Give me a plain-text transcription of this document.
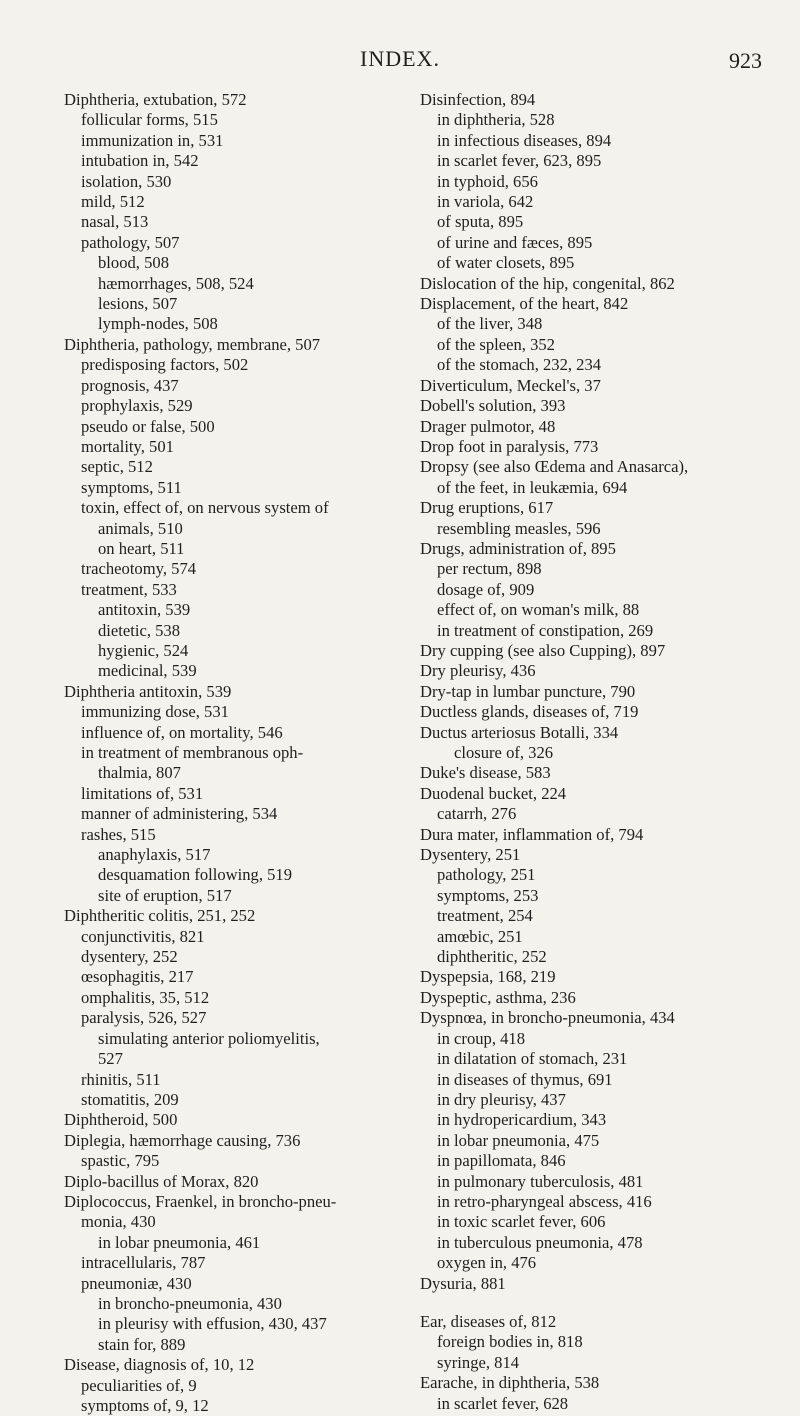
INDEX.	923
Diphtheria, extubation, 572
follicular forms, 515
immunization in, 531
intubation in, 542
isolation, 530
mild, 512
nasal, 513
pathology, 507
blood, 508
hæmorrhages, 508, 524
lesions, 507
lymph-nodes, 508
Diphtheria, pathology, membrane, 507
predisposing factors, 502
prognosis, 437
prophylaxis, 529
pseudo or false, 500
mortality, 501
septic, 512
symptoms, 511
toxin, effect of, on nervous system of
animals, 510
on heart, 511
tracheotomy, 574
treatment, 533
antitoxin, 539
dietetic, 538
hygienic, 524
medicinal, 539
Diphtheria antitoxin, 539
immunizing dose, 531
influence of, on mortality, 546
in treatment of membranous oph-
thalmia, 807
limitations of, 531
manner of administering, 534
rashes, 515
anaphylaxis, 517
desquamation following, 519
site of eruption, 517
Diphtheritic colitis, 251, 252
conjunctivitis, 821
dysentery, 252
œsophagitis, 217
omphalitis, 35, 512
paralysis, 526, 527
simulating anterior poliomyelitis,
527
rhinitis, 511
stomatitis, 209
Diphtheroid, 500
Diplegia, hæmorrhage causing, 736
spastic, 795
Diplo-bacillus of Morax, 820
Diplococcus, Fraenkel, in broncho-pneu-
monia, 430
in lobar pneumonia, 461
intracellularis, 787
pneumoniæ, 430
in broncho-pneumonia, 430
in pleurisy with effusion, 430, 437
stain for, 889
Disease, diagnosis of, 10, 12
peculiarities of, 9
symptoms of, 9, 12
Disinfection, 894
in diphtheria, 528
in infectious diseases, 894
in scarlet fever, 623, 895
in typhoid, 656
in variola, 642
of sputa, 895
of urine and fæces, 895
of water closets, 895
Dislocation of the hip, congenital, 862
Displacement, of the heart, 842
of the liver, 348
of the spleen, 352
of the stomach, 232, 234
Diverticulum, Meckel's, 37
Dobell's solution, 393
Drager pulmotor, 48
Drop foot in paralysis, 773
Dropsy (see also Œdema and Anasarca),
of the feet, in leukæmia, 694
Drug eruptions, 617
resembling measles, 596
Drugs, administration of, 895
per rectum, 898
dosage of, 909
effect of, on woman's milk, 88
in treatment of constipation, 269
Dry cupping (see also Cupping), 897
Dry pleurisy, 436
Dry-tap in lumbar puncture, 790
Ductless glands, diseases of, 719
Ductus arteriosus Botalli, 334
closure of, 326
Duke's disease, 583
Duodenal bucket, 224
catarrh, 276
Dura mater, inflammation of, 794
Dysentery, 251
pathology, 251
symptoms, 253
treatment, 254
amœbic, 251
diphtheritic, 252
Dyspepsia, 168, 219
Dyspeptic, asthma, 236
Dyspnœa, in broncho-pneumonia, 434
in croup, 418
in dilatation of stomach, 231
in diseases of thymus, 691
in dry pleurisy, 437
in hydropericardium, 343
in lobar pneumonia, 475
in papillomata, 846
in pulmonary tuberculosis, 481
in retro-pharyngeal abscess, 416
in toxic scarlet fever, 606
in tuberculous pneumonia, 478
oxygen in, 476
Dysuria, 881
Ear, diseases of, 812
foreign bodies in, 818
syringe, 814
Earache, in diphtheria, 538
in scarlet fever, 628
